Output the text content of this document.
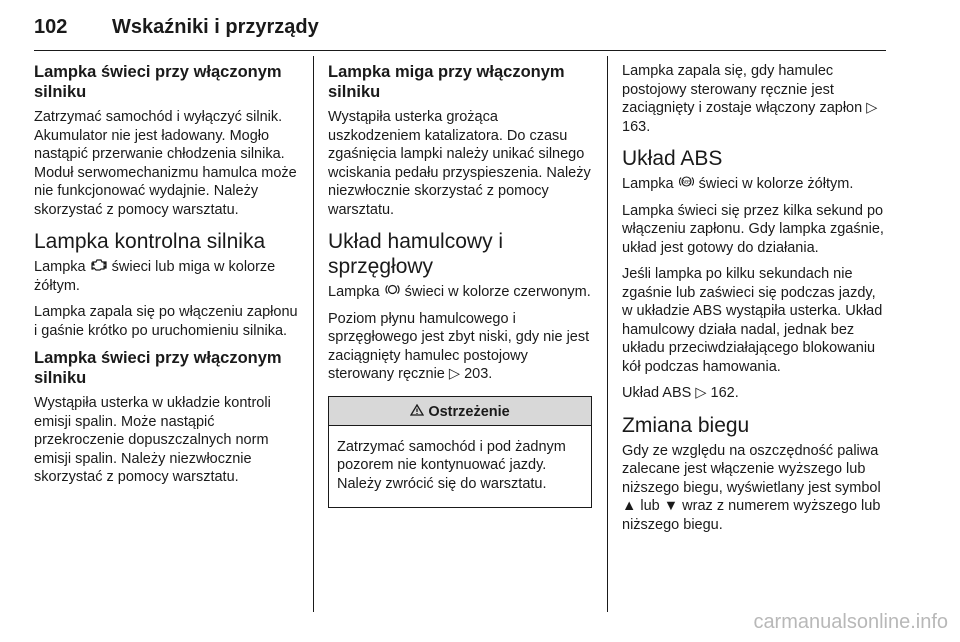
102 Wskaźniki i przyrządy
Lampka świeci przy włączonym silniku

Zatrzymać samochód i wyłączyć silnik. Akumulator nie jest ładowany. Mogło nastąpić przerwanie chłodzenia silnika. Moduł serwomechanizmu hamulca może nie funkcjonować wydajnie. Należy skorzystać z pomocy warsztatu.

Lampka kontrolna silnika

Lampka świeci lub miga w kolorze żółtym.

Lampka zapala się po włączeniu zapłonu i gaśnie krótko po uruchomieniu silnika.

Lampka świeci przy włączonym silniku

Wystąpiła usterka w układzie kontroli emisji spalin. Może nastąpić przekroczenie dopuszczalnych norm emisji spalin. Należy niezwłocznie skorzystać z pomocy warsztatu.

Lampka miga przy włączonym silniku

Wystąpiła usterka grożąca uszkodzeniem katalizatora. Do czasu zgaśnięcia lampki należy unikać silnego wciskania pedału przyspieszenia. Należy niezwłocznie skorzystać z pomocy warsztatu.

Układ hamulcowy i sprzęgłowy

Lampka świeci w kolorze czerwonym.

Poziom płynu hamulcowego i sprzęgłowego jest zbyt niski, gdy nie jest zaciągnięty hamulec postojowy sterowany ręcznie ▷ 203.

Ostrzeżenie

Zatrzymać samochód i pod żadnym pozorem nie kontynuować jazdy. Należy zwrócić się do warsztatu.

Lampka zapala się, gdy hamulec postojowy sterowany ręcznie jest zaciągnięty i zostaje włączony zapłon ▷ 163.

Układ ABS

Lampka ABS świeci w kolorze żółtym.

Lampka świeci się przez kilka sekund po włączeniu zapłonu. Gdy lampka zgaśnie, układ jest gotowy do działania.

Jeśli lampka po kilku sekundach nie zgaśnie lub zaświeci się podczas jazdy, w układzie ABS wystąpiła usterka. Układ hamulcowy działa nadal, jednak bez układu przeciwdziałającego blokowaniu kół podczas hamowania.

Układ ABS ▷ 162.

Zmiana biegu

Gdy ze względu na oszczędność paliwa zalecane jest włączenie wyższego lub niższego biegu, wyświetlany jest symbol ▲ lub ▼ wraz z numerem wyższego lub niższego biegu.

carmanualsonline.info
